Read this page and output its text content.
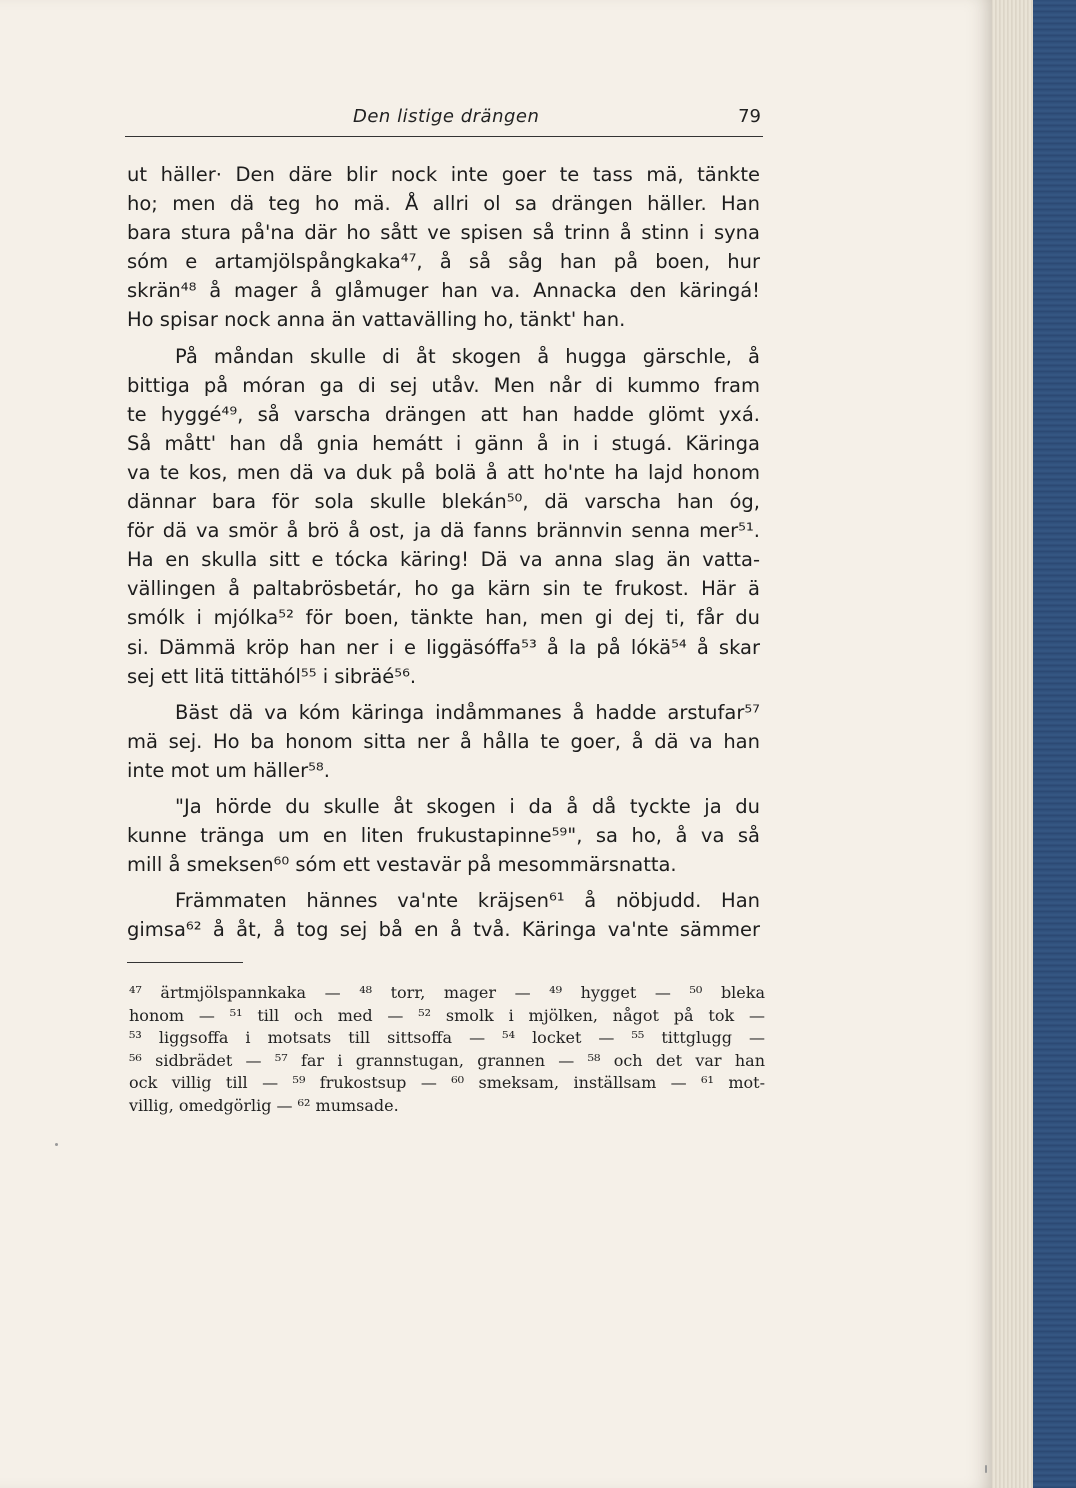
Den listige drängen	79
ut häller· Den däre blir nock inte goer te tass mä, tänkte
ho; men dä teg ho mä. Å allri ol sa drängen häller. Han
bara stura på'na där ho sått ve spisen så trinn å stinn i syna
sóm e artamjölspångkaka⁴⁷, å så såg han på boen, hur
skrän⁴⁸ å mager å glåmuger han va. Annacka den käringá!
Ho spisar nock anna än vattavälling ho, tänkt' han.
På måndan skulle di åt skogen å hugga gärschle, å
bittiga på móran ga di sej utåv. Men når di kummo fram
te hyggé⁴⁹, så varscha drängen att han hadde glömt yxá.
Så mått' han då gnia hemátt i gänn å in i stugá. Käringa
va te kos, men dä va duk på bolä å att ho'nte ha lajd honom
dännar bara för sola skulle blekán⁵⁰, dä varscha han óg,
för dä va smör å brö å ost, ja dä fanns brännvin senna mer⁵¹.
Ha en skulla sitt e tócka käring! Dä va anna slag än vatta-
vällingen å paltabrösbetár, ho ga kärn sin te frukost. Här ä
smólk i mjólka⁵² för boen, tänkte han, men gi dej ti, får du
si. Dämmä kröp han ner i e liggäsóffa⁵³ å la på lókä⁵⁴ å skar
sej ett litä tittähól⁵⁵ i sibräé⁵⁶.
Bäst dä va kóm käringa indåmmanes å hadde arstufar⁵⁷
mä sej. Ho ba honom sitta ner å hålla te goer, å dä va han
inte mot um häller⁵⁸.
"Ja hörde du skulle åt skogen i da å då tyckte ja du
kunne tränga um en liten frukustapinne⁵⁹", sa ho, å va så
mill å smeksen⁶⁰ sóm ett vestavär på mesommärsnatta.
Främmaten hännes va'nte kräjsen⁶¹ å nöbjudd. Han
gimsa⁶² å åt, å tog sej bå en å två. Käringa va'nte sämmer
⁴⁷ ärtmjölspannkaka — ⁴⁸ torr, mager — ⁴⁹ hygget — ⁵⁰ bleka
honom — ⁵¹ till och med — ⁵² smolk i mjölken, något på tok —
⁵³ liggsoffa i motsats till sittsoffa — ⁵⁴ locket — ⁵⁵ tittglugg —
⁵⁶ sidbrädet — ⁵⁷ far i grannstugan, grannen — ⁵⁸ och det var han
ock villig till — ⁵⁹ frukostsup — ⁶⁰ smeksam, inställsam — ⁶¹ mot-
villig, omedgörlig — ⁶² mumsade.
